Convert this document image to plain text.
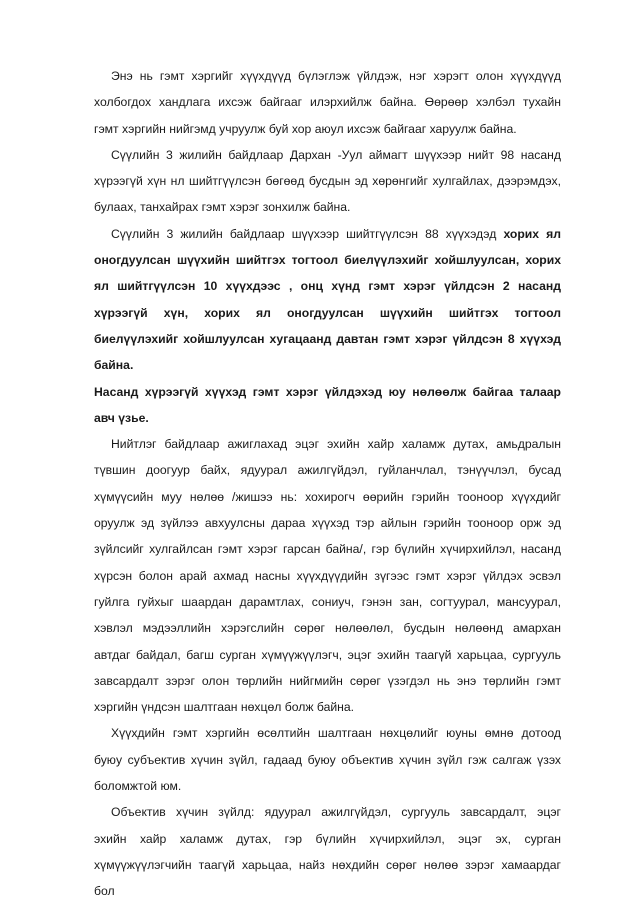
Энэ нь гэмт хэргийг хүүхдүүд бүлэглэж үйлдэж, нэг хэрэгт олон хүүхдүүд
холбогдох хандлага ихсэж байгааг илэрхийлж байна. Өөрөөр хэлбэл тухайн
гэмт хэргийн нийгэмд учруулж буй хор аюул ихсэж байгааг харуулж байна.
Сүүлийн 3 жилийн байдлаар Дархан -Уул аймагт шүүхээр нийт 98 насанд
хүрээгүй хүн нл шийтгүүлсэн бөгөөд бусдын эд хөрөнгийг хулгайлах, дээрэмдэх,
булаах, танхайрах гэмт хэрэг зонхилж байна.
Сүүлийн 3 жилийн байдлаар шүүхээр шийтгүүлсэн 88 хүүхэдэд хорих ял
оногдуулсан шүүхийн шийтгэх тогтоол биелүүлэхийг хойшлуулсан, хорих
ял шийтгүүлсэн 10 хүүхдээс , онц хүнд гэмт хэрэг үйлдсэн 2 насанд
хүрээгүй хүн, хорих ял оногдуулсан шүүхийн шийтгэх тогтоол
биелүүлэхийг хойшлуулсан хугацаанд давтан гэмт хэрэг үйлдсэн 8 хүүхэд
байна.
Насанд хүрээгүй хүүхэд гэмт хэрэг үйлдэхэд юу нөлөөлж байгаа талаар
авч үзье.
Нийтлэг байдлаар ажиглахад эцэг эхийн хайр халамж дутах, амьдралын
түвшин доогуур байх, ядуурал ажилгүйдэл, гуйланчлал, тэнүүчлэл, бусад
хүмүүсийн муу нөлөө /жишээ нь: хохирогч өөрийн гэрийн тооноор хүүхдийг
оруулж эд зүйлээ авхуулсны дараа хүүхэд тэр айлын гэрийн тооноор орж эд
зүйлсийг хулгайлсан гэмт хэрэг гарсан байна/, гэр бүлийн хүчирхийлэл, насанд
хүрсэн болон арай ахмад насны хүүхдүүдийн зүгээс гэмт хэрэг үйлдэх эсвэл
гуйлга гуйхыг шаардан дарамтлах, сониуч, гэнэн зан, согтуурал, мансуурал,
хэвлэл мэдээллийн хэрэгслийн сөрөг нөлөөлөл, бусдын нөлөөнд амархан
автдаг байдал, багш сурган хүмүүжүүлэгч, эцэг эхийн таагүй харьцаа, сургууль
завсардалт зэрэг олон төрлийн нийгмийн сөрөг үзэгдэл нь энэ төрлийн гэмт
хэргийн үндсэн шалтгаан нөхцөл болж байна.
Хүүхдийн гэмт хэргийн өсөлтийн шалтгаан нөхцөлийг юуны өмнө дотоод
буюу субъектив хүчин зүйл, гадаад буюу объектив хүчин зүйл гэж салгаж үзэх
боломжтой юм.
Объектив хүчин зүйлд: ядуурал ажилгүйдэл, сургууль завсардалт, эцэг
эхийн хайр халамж дутах, гэр бүлийн хүчирхийлэл, эцэг эх, сурган
хүмүүжүүлэгчийн таагүй харьцаа, найз нөхдийн сөрөг нөлөө зэрэг хамаардаг
бол
